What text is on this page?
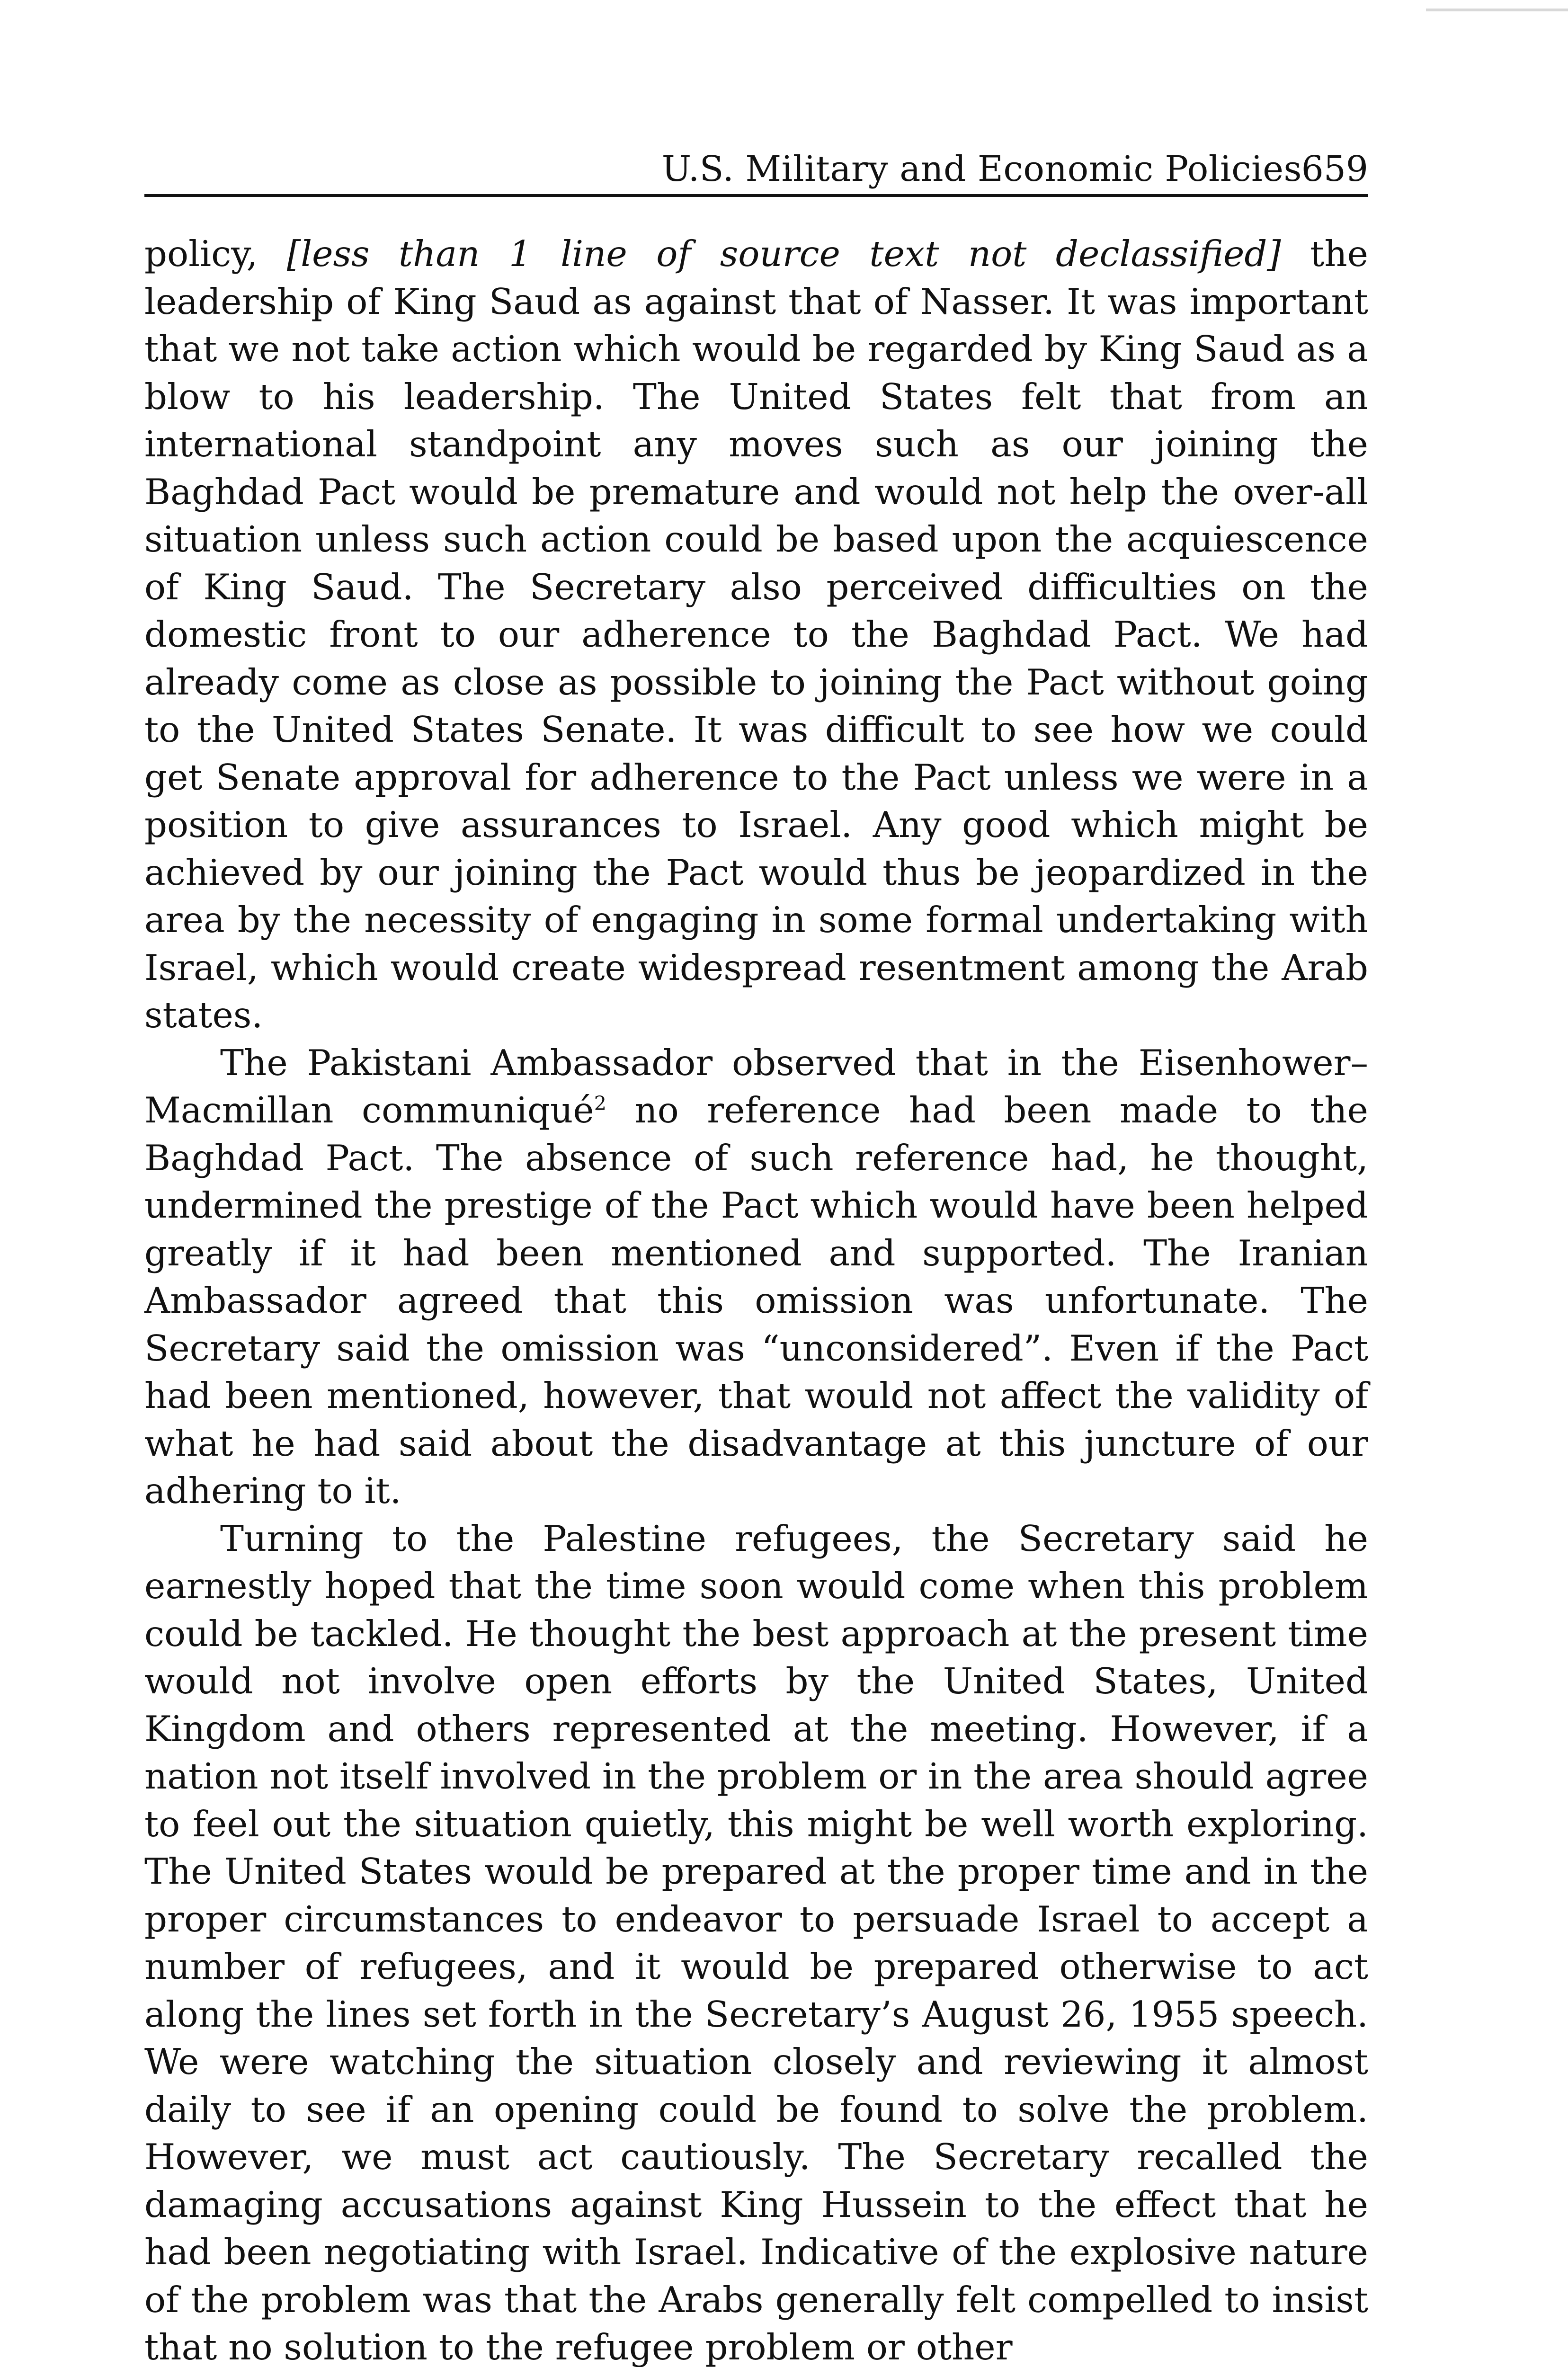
U.S. Military and Economic Policies
659

policy, [less than 1 line of source text not declassified] the leadership of King Saud as against that of Nasser. It was important that we not take action which would be regarded by King Saud as a blow to his leadership. The United States felt that from an international standpoint any moves such as our joining the Baghdad Pact would be premature and would not help the over-all situation unless such action could be based upon the acquiescence of King Saud. The Secretary also perceived difficulties on the domestic front to our adherence to the Baghdad Pact. We had already come as close as possible to joining the Pact without going to the United States Senate. It was difficult to see how we could get Senate approval for adherence to the Pact unless we were in a position to give assurances to Israel. Any good which might be achieved by our joining the Pact would thus be jeopardized in the area by the necessity of engaging in some formal undertaking with Israel, which would create widespread resentment among the Arab states.

The Pakistani Ambassador observed that in the Eisenhower–Macmillan communiqué$^2$ no reference had been made to the Baghdad Pact. The absence of such reference had, he thought, undermined the prestige of the Pact which would have been helped greatly if it had been mentioned and supported. The Iranian Ambassador agreed that this omission was unfortunate. The Secretary said the omission was “unconsidered”. Even if the Pact had been mentioned, however, that would not affect the validity of what he had said about the disadvantage at this juncture of our adhering to it.

Turning to the Palestine refugees, the Secretary said he earnestly hoped that the time soon would come when this problem could be tackled. He thought the best approach at the present time would not involve open efforts by the United States, United Kingdom and others represented at the meeting. However, if a nation not itself involved in the problem or in the area should agree to feel out the situation quietly, this might be well worth exploring. The United States would be prepared at the proper time and in the proper circumstances to endeavor to persuade Israel to accept a number of refugees, and it would be prepared otherwise to act along the lines set forth in the Secretary’s August 26, 1955 speech. We were watching the situation closely and reviewing it almost daily to see if an opening could be found to solve the problem. However, we must act cautiously. The Secretary recalled the damaging accusations against King Hussein to the effect that he had been negotiating with Israel. Indicative of the explosive nature of the problem was that the Arabs generally felt compelled to insist that no solution to the refugee problem or other
